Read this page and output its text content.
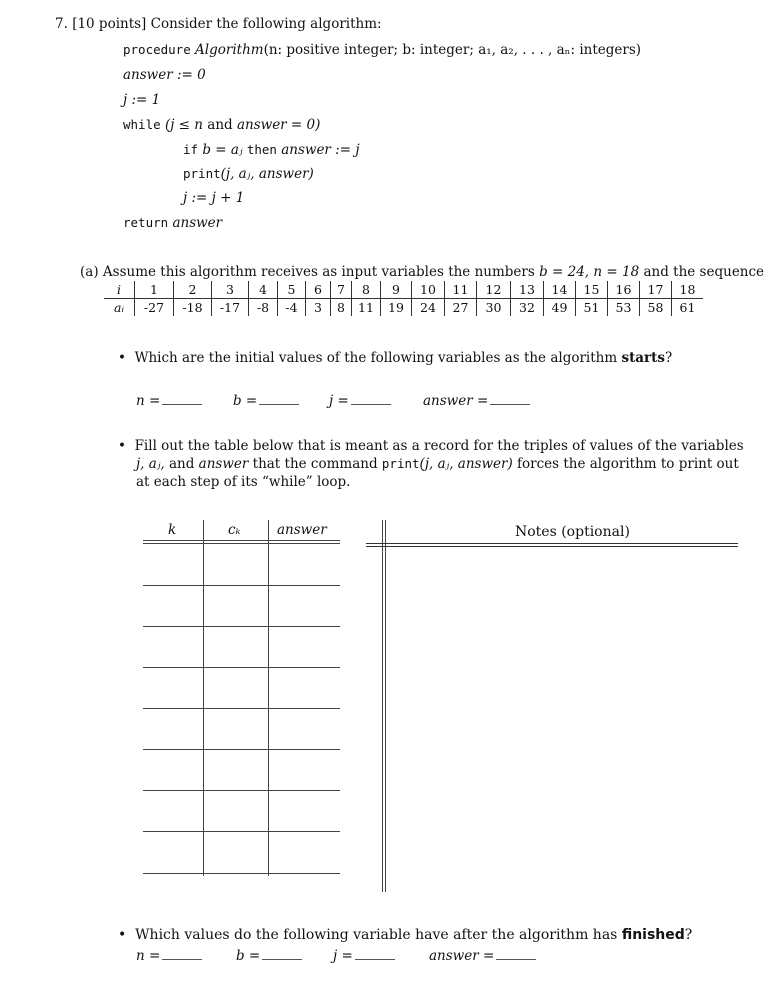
7. [10 points] Consider the following algorithm:
procedure Algorithm(n: positive integer; b: integer; a₁, a₂, . . . , aₙ: integers)
answer := 0
j := 1
while (j ≤ n and answer = 0)
if b = aⱼ then answer := j
print(j, aⱼ, answer)
j := j + 1
return answer
(a) Assume this algorithm receives as input variables the numbers b = 24, n = 18 and the sequence
i	1	2	3	4	5	6	7	8	9	10	11	12	13	14	15	16	17	18
aᵢ	-27	-18	-17	-8	-4	3	8	11	19	24	27	30	32	49	51	53	58	61
• Which are the initial values of the following variables as the algorithm starts?
n =	b =	j =	answer =
• Fill out the table below that is meant as a record for the triples of values of the variables
j, aⱼ, and answer that the command print(j, aⱼ, answer) forces the algorithm to print out
at each step of its “while” loop.
k	cₖ	answer	Notes (optional)
• Which values do the following variable have after the algorithm has finished?
n =	b =	j =	answer =
